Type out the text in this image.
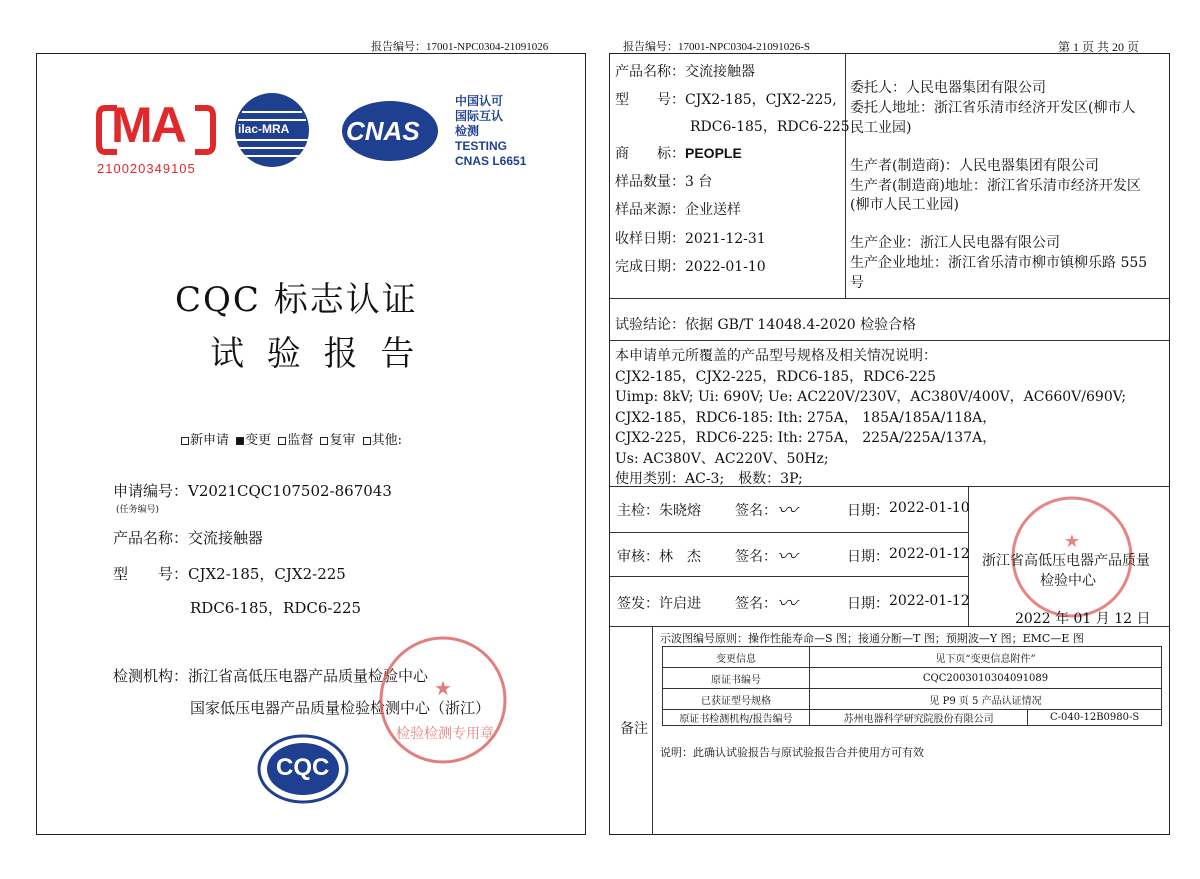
报告编号：17001-NPC0304-21091026
MA
210020349105
ilac-MRA CNAS
中国认可
国际互认
检测
TESTING
CNAS L6651
CQC 标志认证
试 验 报 告
新申请 变更 监督 复审 其他:
申请编号：V2021CQC107502-867043
(任务编号)
产品名称：交流接触器
型　　号：CJX2-185，CJX2-225
RDC6-185，RDC6-225
检测机构：浙江省高低压电器产品质量检验中心
国家低压电器产品质量检验检测中心（浙江）
★
检验检测专用章
CQC
报告编号：17001-NPC0304-21091026-S	第 1 页 共 20 页
产品名称：交流接触器
型　　号：CJX2-185，CJX2-225,
RDC6-185，RDC6-225
商　　标：PEOPLE
样品数量：3 台
样品来源：企业送样
收样日期：2021-12-31
完成日期：2022-01-10
委托人：人民电器集团有限公司
委托人地址：浙江省乐清市经济开发区(柳市人
民工业园)
生产者(制造商)：人民电器集团有限公司
生产者(制造商)地址：浙江省乐清市经济开发区
(柳市人民工业园)
生产企业：浙江人民电器有限公司
生产企业地址：浙江省乐清市柳市镇柳乐路 555
号
试验结论：依据 GB/T 14048.4-2020 检验合格
本申请单元所覆盖的产品型号规格及相关情况说明：
CJX2-185，CJX2-225，RDC6-185，RDC6-225
Uimp: 8kV; Ui: 690V; Ue: AC220V/230V，AC380V/400V，AC660V/690V;
CJX2-185，RDC6-185: Ith: 275A， 185A/185A/118A，
CJX2-225，RDC6-225: Ith: 275A， 225A/225A/137A，
Us: AC380V、AC220V、50Hz;
使用类别：AC-3;　极数：3P;
主检：朱晓熔 签名： 〰	日期： 2022-01-10
审核：林　杰 签名： 〰	日期： 2022-01-12
签发：许启进 签名： 〰	日期： 2022-01-12
★
浙江省高低压电器产品质量
检验中心
2022 年 01 月 12 日
备注
示波图编号原则：操作性能寿命—S 图；接通分断—T 图；预期波—Y 图；EMC—E 图
变更信息	见下页“变更信息附件”	
原证书编号	CQC2003010304091089	
已获证型号规格	见 P9 页 5 产品认证情况	
原证书检测机构/报告编号	苏州电器科学研究院股份有限公司	C-040-12B0980-S
说明：此确认试验报告与原试验报告合并使用方可有效
